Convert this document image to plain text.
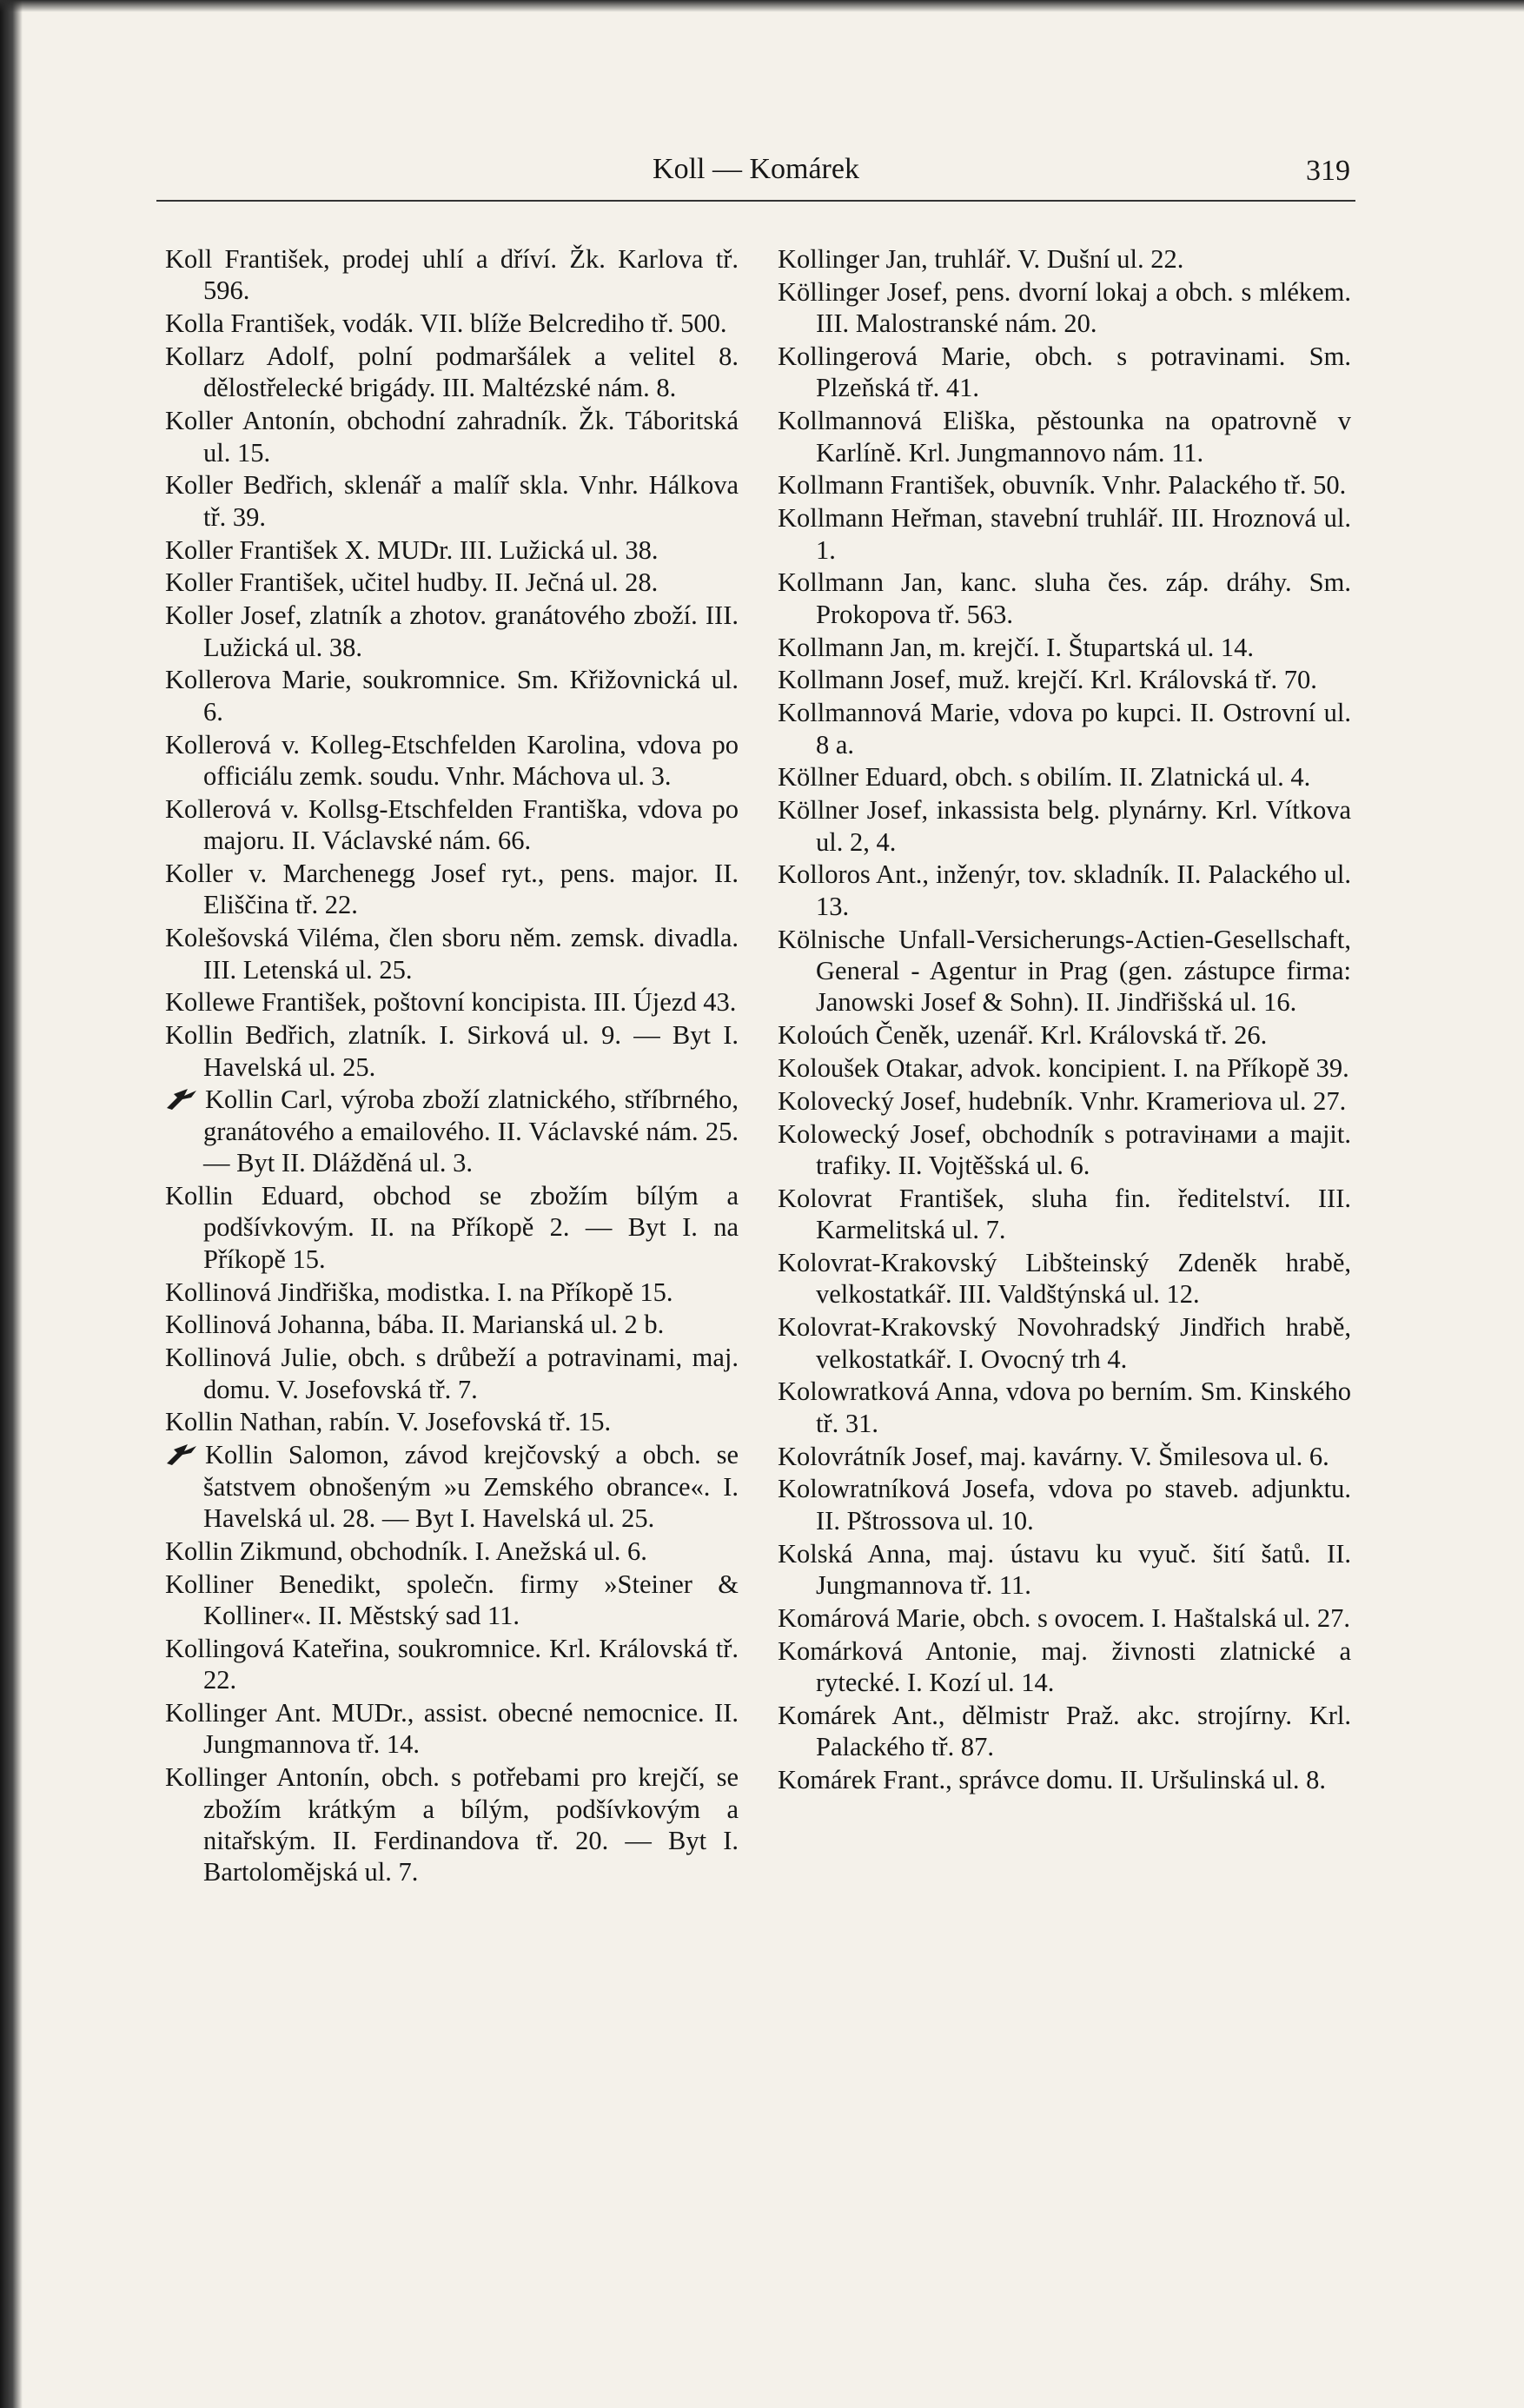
Koll — Komárek	319

Koll František, prodej uhlí a dříví. Žk. Karlova tř. 596.

Kolla František, vodák. VII. blíže Belcrediho tř. 500.

Kollarz Adolf, polní podmaršálek a velitel 8. dělostřelecké brigády. III. Maltézské nám. 8.

Koller Antonín, obchodní zahradník. Žk. Táboritská ul. 15.

Koller Bedřich, sklenář a malíř skla. Vnhr. Hálkova tř. 39.

Koller František X. MUDr. III. Lužická ul. 38.

Koller František, učitel hudby. II. Ječná ul. 28.

Koller Josef, zlatník a zhotov. granátového zboží. III. Lužická ul. 38.

Kollerova Marie, soukromnice. Sm. Křižovnická ul. 6.

Kollerová v. Kolleg-Etschfelden Karolina, vdova po officiálu zemk. soudu. Vnhr. Máchova ul. 3.

Kollerová v. Kollsg-Etschfelden Františka, vdova po majoru. II. Václavské nám. 66.

Koller v. Marchenegg Josef ryt., pens. major. II. Eliščina tř. 22.

Kolešovská Viléma, člen sboru něm. zemsk. divadla. III. Letenská ul. 25.

Kollewe František, poštovní koncipista. III. Újezd 43.

Kollin Bedřich, zlatník. I. Sirková ul. 9. — Byt I. Havelská ul. 25.

Kollin Carl, výroba zboží zlatnického, stříbrného, granátového a emailového. II. Václavské nám. 25. — Byt II. Dlážděná ul. 3.

Kollin Eduard, obchod se zbožím bílým a podšívkovým. II. na Příkopě 2. — Byt I. na Příkopě 15.

Kollinová Jindřiška, modistka. I. na Příkopě 15.

Kollinová Johanna, bába. II. Marianská ul. 2 b.

Kollinová Julie, obch. s drůbeží a potravinami, maj. domu. V. Josefovská tř. 7.

Kollin Nathan, rabín. V. Josefovská tř. 15.

Kollin Salomon, závod krejčovský a obch. se šatstvem obnošeným »u Zemského obrance«. I. Havelská ul. 28. — Byt I. Havelská ul. 25.

Kollin Zikmund, obchodník. I. Anežská ul. 6.

Kolliner Benedikt, společn. firmy »Steiner & Kolliner«. II. Městský sad 11.

Kollingová Kateřina, soukromnice. Krl. Královská tř. 22.

Kollinger Ant. MUDr., assist. obecné nemocnice. II. Jungmannova tř. 14.

Kollinger Antonín, obch. s potřebami pro krejčí, se zbožím krátkým a bílým, podšívkovým a nitařským. II. Ferdinandova tř. 20. — Byt I. Bartolomějská ul. 7.

Kollinger Jan, truhlář. V. Dušní ul. 22.

Köllinger Josef, pens. dvorní lokaj a obch. s mlékem. III. Malostranské nám. 20.

Kollingerová Marie, obch. s potravinami. Sm. Plzeňská tř. 41.

Kollmannová Eliška, pěstounka na opatrovně v Karlíně. Krl. Jungmannovo nám. 11.

Kollmann František, obuvník. Vnhr. Palackého tř. 50.

Kollmann Heřman, stavební truhlář. III. Hroznová ul. 1.

Kollmann Jan, kanc. sluha čes. záp. dráhy. Sm. Prokopova tř. 563.

Kollmann Jan, m. krejčí. I. Štupartská ul. 14.

Kollmann Josef, muž. krejčí. Krl. Královská tř. 70.

Kollmannová Marie, vdova po kupci. II. Ostrovní ul. 8 a.

Köllner Eduard, obch. s obilím. II. Zlatnická ul. 4.

Köllner Josef, inkassista belg. plynárny. Krl. Vítkova ul. 2, 4.

Kolloros Ant., inženýr, tov. skladník. II. Palackého ul. 13.

Kölnische Unfall-Versicherungs-Actien-Gesellschaft, General - Agentur in Prag (gen. zástupce firma: Janowski Josef & Sohn). II. Jindřišská ul. 16.

Koloúch Čeněk, uzenář. Krl. Královská tř. 26.

Koloušek Otakar, advok. koncipient. I. na Příkopě 39.

Kolovecký Josef, hudebník. Vnhr. Krameriova ul. 27.

Kolowecký Josef, obchodník s potraviнами a majit. trafiky. II. Vojtěšská ul. 6.

Kolovrat František, sluha fin. ředitelství. III. Karmelitská ul. 7.

Kolovrat-Krakovský Libšteinský Zdeněk hrabě, velkostatkář. III. Valdštýnská ul. 12.

Kolovrat-Krakovský Novohradský Jindřich hrabě, velkostatkář. I. Ovocný trh 4.

Kolowratková Anna, vdova po berním. Sm. Kinského tř. 31.

Kolovrátník Josef, maj. kavárny. V. Šmilesova ul. 6.

Kolowratníková Josefa, vdova po staveb. adjunktu. II. Pštrossova ul. 10.

Kolská Anna, maj. ústavu ku vyuč. šití šatů. II. Jungmannova tř. 11.

Komárová Marie, obch. s ovocem. I. Haštalská ul. 27.

Komárková Antonie, maj. živnosti zlatnické a rytecké. I. Kozí ul. 14.

Komárek Ant., dělmistr Praž. akc. strojírny. Krl. Palackého tř. 87.

Komárek Frant., správce domu. II. Uršulinská ul. 8.
